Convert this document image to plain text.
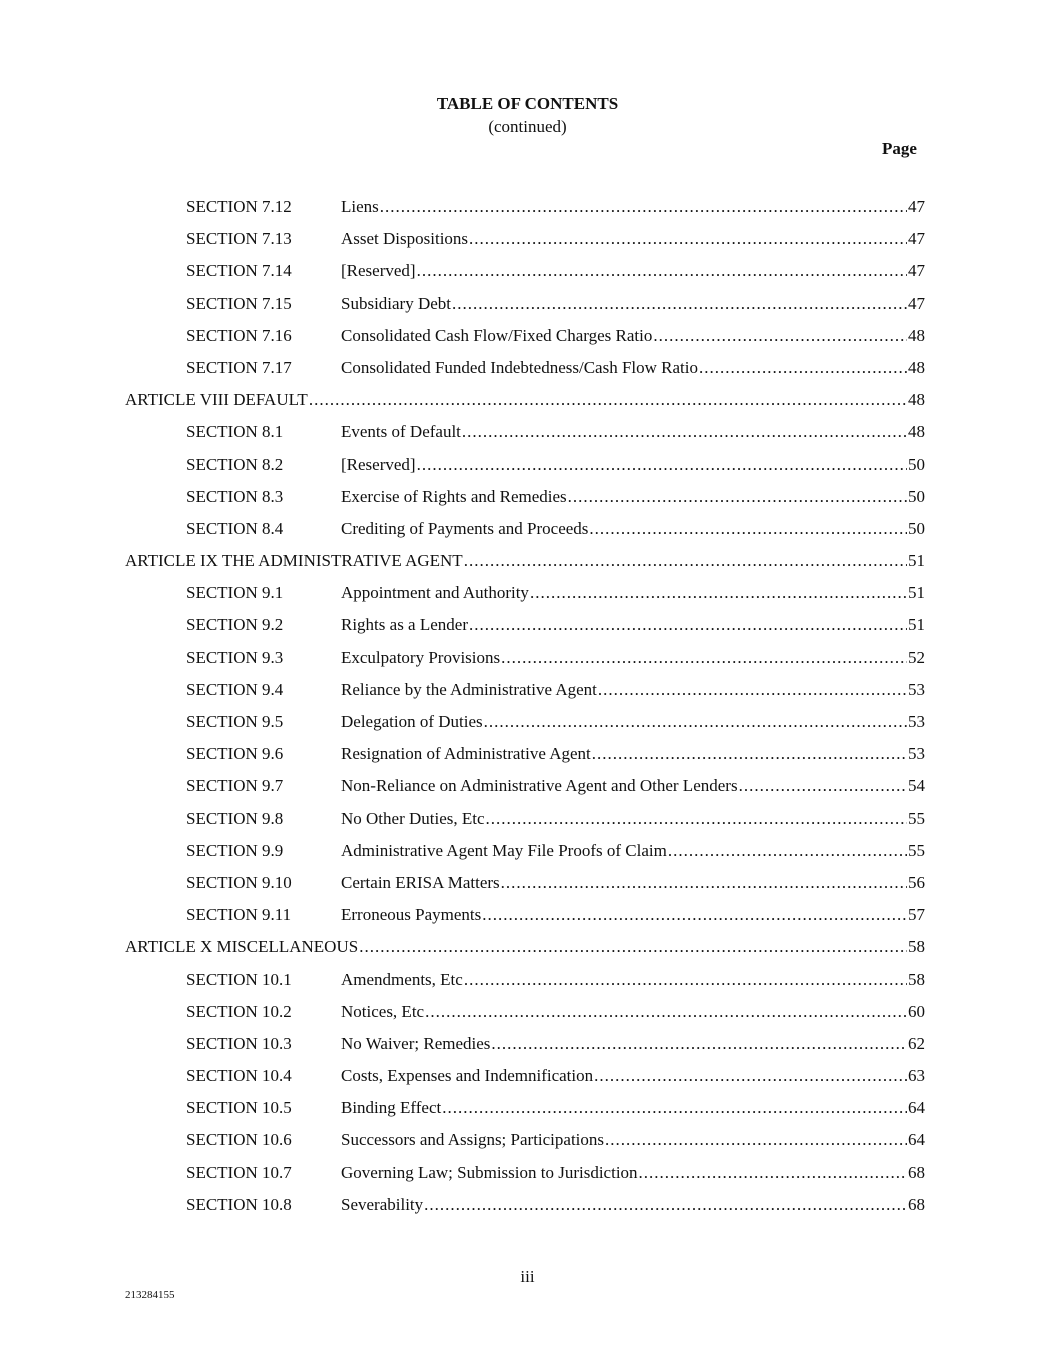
TABLE OF CONTENTS
(continued)
Page
SECTION 7.12	Liens .....	47
SECTION 7.13	Asset Dispositions .....	47
SECTION 7.14	[Reserved] .....	47
SECTION 7.15	Subsidiary Debt .....	47
SECTION 7.16	Consolidated Cash Flow/Fixed Charges Ratio .....	48
SECTION 7.17	Consolidated Funded Indebtedness/Cash Flow Ratio .....	48
ARTICLE VIII DEFAULT .....	48
SECTION 8.1	Events of Default .....	48
SECTION 8.2	[Reserved] .....	50
SECTION 8.3	Exercise of Rights and Remedies .....	50
SECTION 8.4	Crediting of Payments and Proceeds .....	50
ARTICLE IX THE ADMINISTRATIVE AGENT .....	51
SECTION 9.1	Appointment and Authority .....	51
SECTION 9.2	Rights as a Lender .....	51
SECTION 9.3	Exculpatory Provisions .....	52
SECTION 9.4	Reliance by the Administrative Agent .....	53
SECTION 9.5	Delegation of Duties .....	53
SECTION 9.6	Resignation of Administrative Agent .....	53
SECTION 9.7	Non-Reliance on Administrative Agent and Other Lenders .....	54
SECTION 9.8	No Other Duties, Etc .....	55
SECTION 9.9	Administrative Agent May File Proofs of Claim .....	55
SECTION 9.10	Certain ERISA Matters .....	56
SECTION 9.11	Erroneous Payments .....	57
ARTICLE X MISCELLANEOUS .....	58
SECTION 10.1	Amendments, Etc .....	58
SECTION 10.2	Notices, Etc .....	60
SECTION 10.3	No Waiver; Remedies .....	62
SECTION 10.4	Costs, Expenses and Indemnification .....	63
SECTION 10.5	Binding Effect .....	64
SECTION 10.6	Successors and Assigns; Participations .....	64
SECTION 10.7	Governing Law; Submission to Jurisdiction .....	68
SECTION 10.8	Severability .....	68
iii
213284155
